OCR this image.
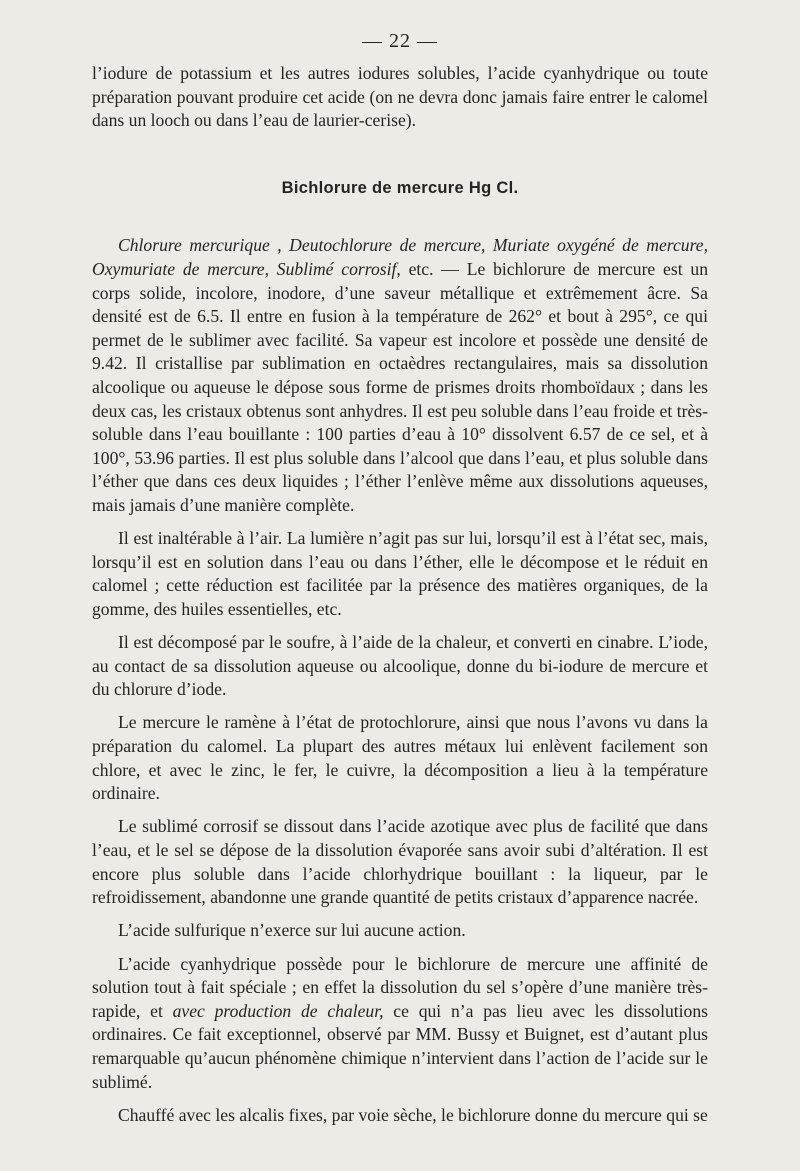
— 22 —

l’iodure de potassium et les autres iodures solubles, l’acide cyanhydrique ou toute préparation pouvant produire cet acide (on ne devra donc jamais faire entrer le calomel dans un looch ou dans l’eau de laurier-cerise).

Bichlorure de mercure Hg Cl.

Chlorure mercurique , Deutochlorure de mercure, Muriate oxygéné de mercure, Oxymuriate de mercure, Sublimé corrosif, etc. — Le bichlorure de mercure est un corps solide, incolore, inodore, d’une saveur métallique et extrêmement âcre. Sa densité est de 6.5. Il entre en fusion à la température de 262° et bout à 295°, ce qui permet de le sublimer avec facilité. Sa vapeur est incolore et possède une densité de 9.42. Il cristallise par sublimation en octaèdres rectangulaires, mais sa dissolution alcoolique ou aqueuse le dépose sous forme de prismes droits rhomboïdaux ; dans les deux cas, les cristaux obtenus sont anhydres. Il est peu soluble dans l’eau froide et très-soluble dans l’eau bouillante : 100 parties d’eau à 10° dissolvent 6.57 de ce sel, et à 100°, 53.96 parties. Il est plus soluble dans l’alcool que dans l’eau, et plus soluble dans l’éther que dans ces deux liquides ; l’éther l’enlève même aux dissolutions aqueuses, mais jamais d’une manière complète.

Il est inaltérable à l’air. La lumière n’agit pas sur lui, lorsqu’il est à l’état sec, mais, lorsqu’il est en solution dans l’eau ou dans l’éther, elle le décompose et le réduit en calomel ; cette réduction est facilitée par la présence des matières organiques, de la gomme, des huiles essentielles, etc.

Il est décomposé par le soufre, à l’aide de la chaleur, et converti en cinabre. L’iode, au contact de sa dissolution aqueuse ou alcoolique, donne du bi-iodure de mercure et du chlorure d’iode.

Le mercure le ramène à l’état de protochlorure, ainsi que nous l’avons vu dans la préparation du calomel. La plupart des autres métaux lui enlèvent facilement son chlore, et avec le zinc, le fer, le cuivre, la décomposition a lieu à la température ordinaire.

Le sublimé corrosif se dissout dans l’acide azotique avec plus de facilité que dans l’eau, et le sel se dépose de la dissolution évaporée sans avoir subi d’altération. Il est encore plus soluble dans l’acide chlorhydrique bouillant : la liqueur, par le refroidissement, abandonne une grande quantité de petits cristaux d’apparence nacrée.

L’acide sulfurique n’exerce sur lui aucune action.

L’acide cyanhydrique possède pour le bichlorure de mercure une affinité de solution tout à fait spéciale ; en effet la dissolution du sel s’opère d’une manière très-rapide, et avec production de chaleur, ce qui n’a pas lieu avec les dissolutions ordinaires. Ce fait exceptionnel, observé par MM. Bussy et Buignet, est d’autant plus remarquable qu’aucun phénomène chimique n’intervient dans l’action de l’acide sur le sublimé.

Chauffé avec les alcalis fixes, par voie sèche, le bichlorure donne du mercure qui se
